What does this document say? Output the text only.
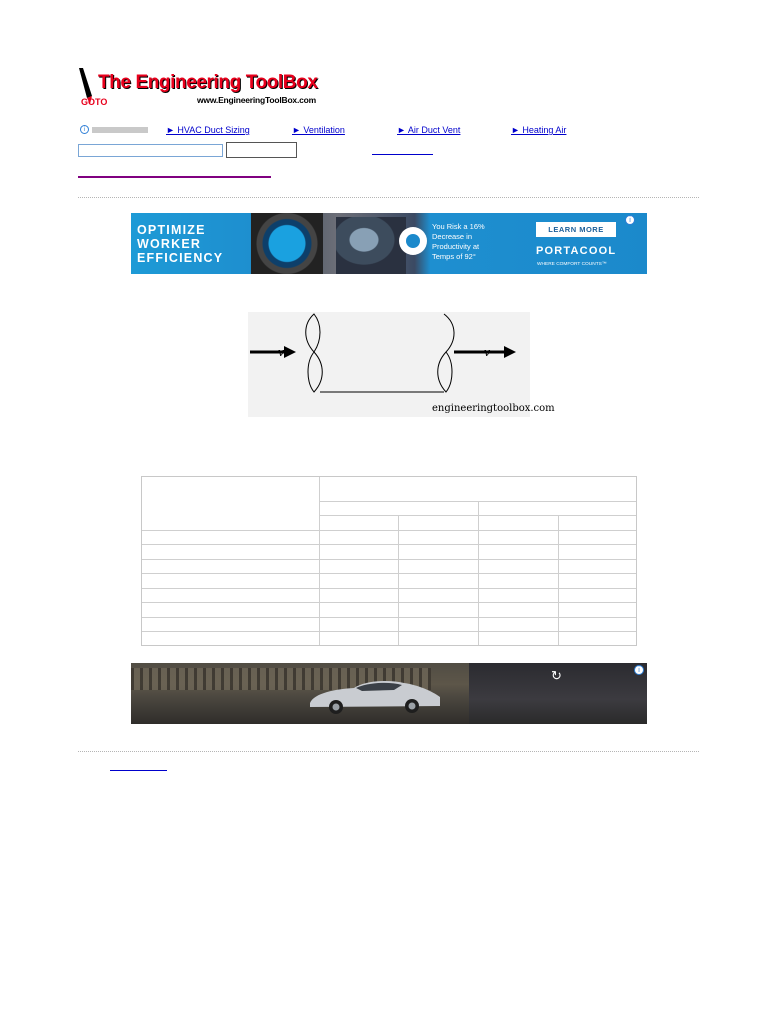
The Engineering ToolBox
GOTO	www.EngineeringToolBox.com
i	► HVAC Duct Sizing	► Ventilation	► Air Duct Vent	► Heating Air
OPTIMIZE
WORKER
EFFICIENCY
You Risk a 16%
Decrease in
Productivity at
Temps of 92°
LEARN MORE
PORTACOOL
WHERE COMFORT COUNTS™
i
v	v
engineeringtoolbox.com
↻	i
